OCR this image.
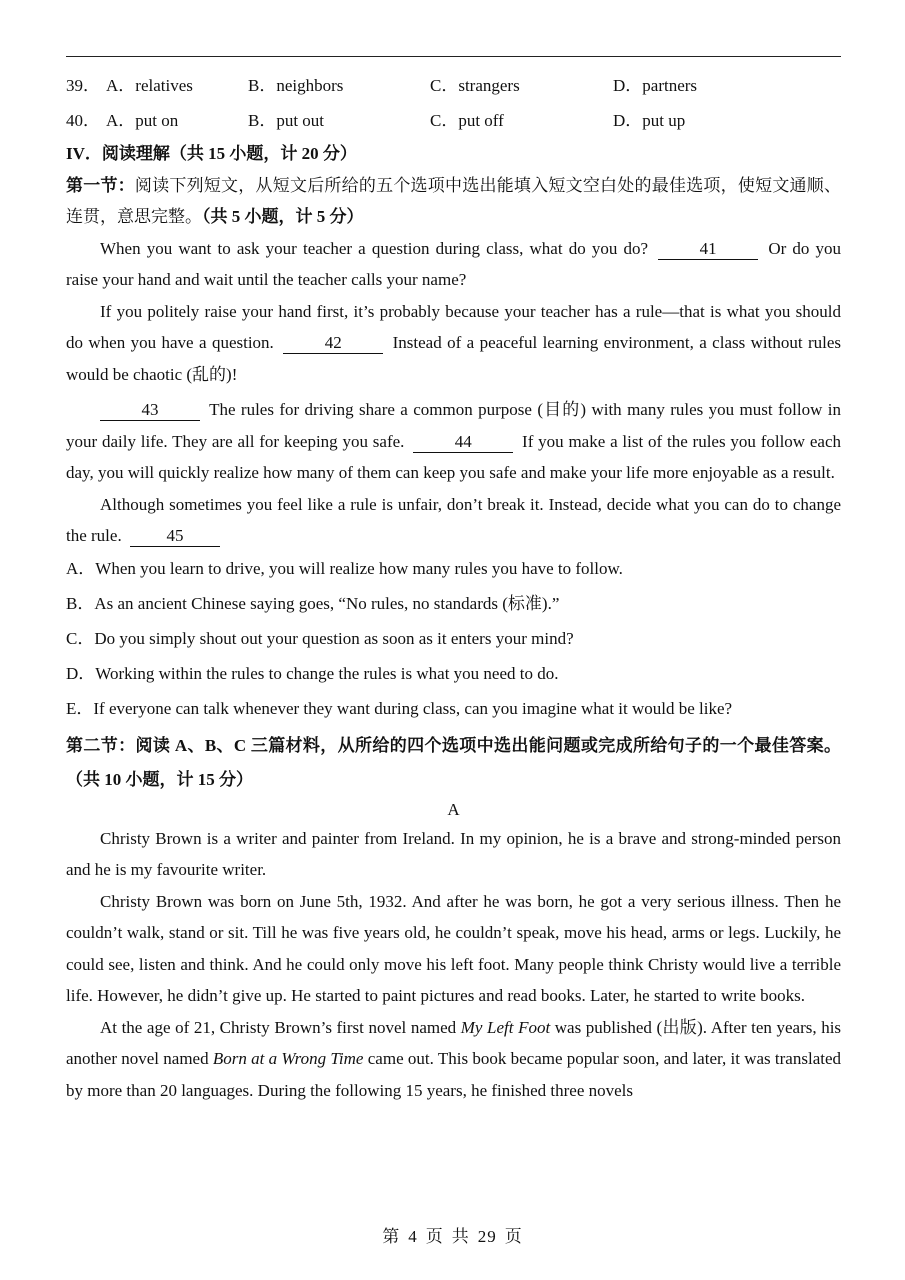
39． A．relatives	B．neighbors	C．strangers	D．partners
40． A．put on	B．put out	C．put off	D．put up
IV．阅读理解（共 15 小题，计 20 分）
第一节：阅读下列短文，从短文后所给的五个选项中选出能填入短文空白处的最佳选项，使短文通顺、连贯，意思完整。（共 5 小题，计 5 分）

When you want to ask your teacher a question during class, what do you do?	41	Or do you raise your hand and wait until the teacher calls your name?

If you politely raise your hand first, it’s probably because your teacher has a rule—that is what you should do when you have a question.	42	Instead of a peaceful learning environment, a class without rules would be chaotic (乱的)!

43	The rules for driving share a common purpose (目的) with many rules you must follow in your daily life. They are all for keeping you safe.	44	If you make a list of the rules you follow each day, you will quickly realize how many of them can keep you safe and make your life more enjoyable as a result.

Although sometimes you feel like a rule is unfair, don’t break it. Instead, decide what you can do to change the rule.	45

A．When you learn to drive, you will realize how many rules you have to follow.
B．As an ancient Chinese saying goes, “No rules, no standards (标准).”
C．Do you simply shout out your question as soon as it enters your mind?
D．Working within the rules to change the rules is what you need to do.
E．If everyone can talk whenever they want during class, can you imagine what it would be like?
第二节：阅读 A、B、C 三篇材料，从所给的四个选项中选出能问题或完成所给句子的一个最佳答案。（共 10 小题，计 15 分）

A

Christy Brown is a writer and painter from Ireland. In my opinion, he is a brave and strong-minded person and he is my favourite writer.

Christy Brown was born on June 5th, 1932. And after he was born, he got a very serious illness. Then he couldn’t walk, stand or sit. Till he was five years old, he couldn’t speak, move his head, arms or legs. Luckily, he could see, listen and think. And he could only move his left foot. Many people think Christy would live a terrible life. However, he didn’t give up. He started to paint pictures and read books. Later, he started to write books.

At the age of 21, Christy Brown’s first novel named My Left Foot was published (出版). After ten years, his another novel named Born at a Wrong Time came out. This book became popular soon, and later, it was translated by more than 20 languages. During the following 15 years, he finished three novels

第 4 页 共 29 页
